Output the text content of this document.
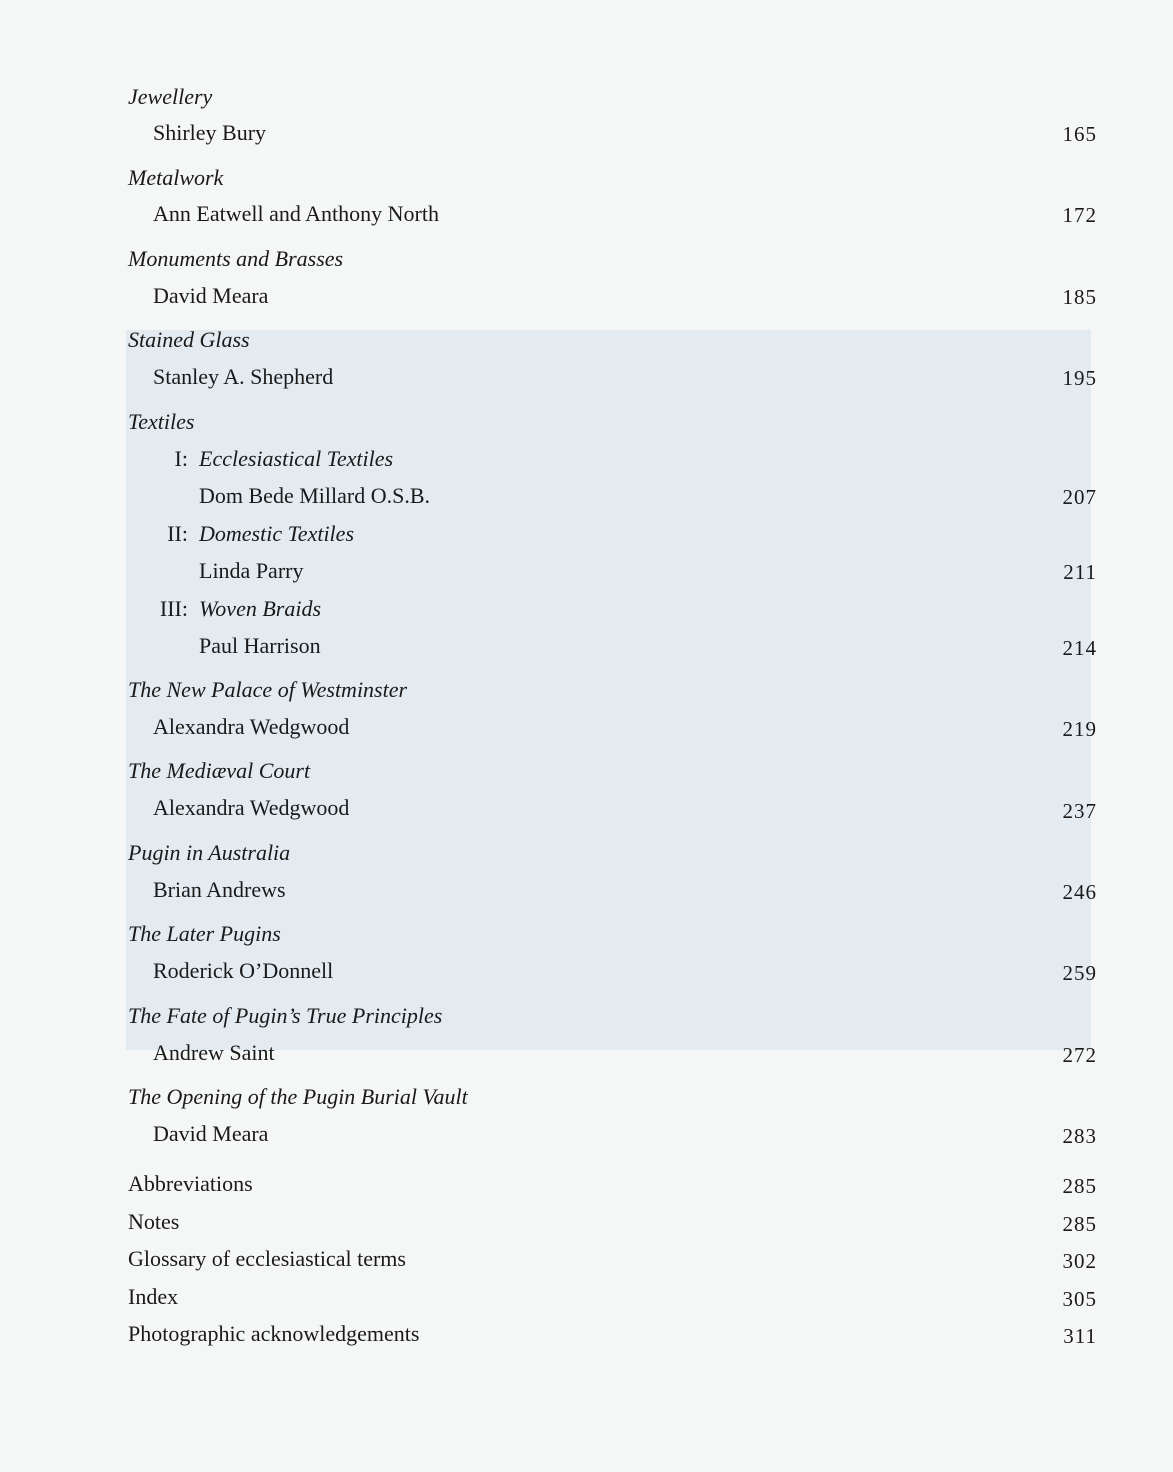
Jewellery
Shirley Bury	165
Metalwork
Ann Eatwell and Anthony North	172
Monuments and Brasses
David Meara	185
Stained Glass
Stanley A. Shepherd	195
Textiles
I: Ecclesiastical Textiles
Dom Bede Millard O.S.B.	207
II: Domestic Textiles
Linda Parry	211
III: Woven Braids
Paul Harrison	214
The New Palace of Westminster
Alexandra Wedgwood	219
The Mediæval Court
Alexandra Wedgwood	237
Pugin in Australia
Brian Andrews	246
The Later Pugins
Roderick O’Donnell	259
The Fate of Pugin’s True Principles
Andrew Saint	272
The Opening of the Pugin Burial Vault
David Meara	283
Abbreviations	285
Notes	285
Glossary of ecclesiastical terms	302
Index	305
Photographic acknowledgements	311
